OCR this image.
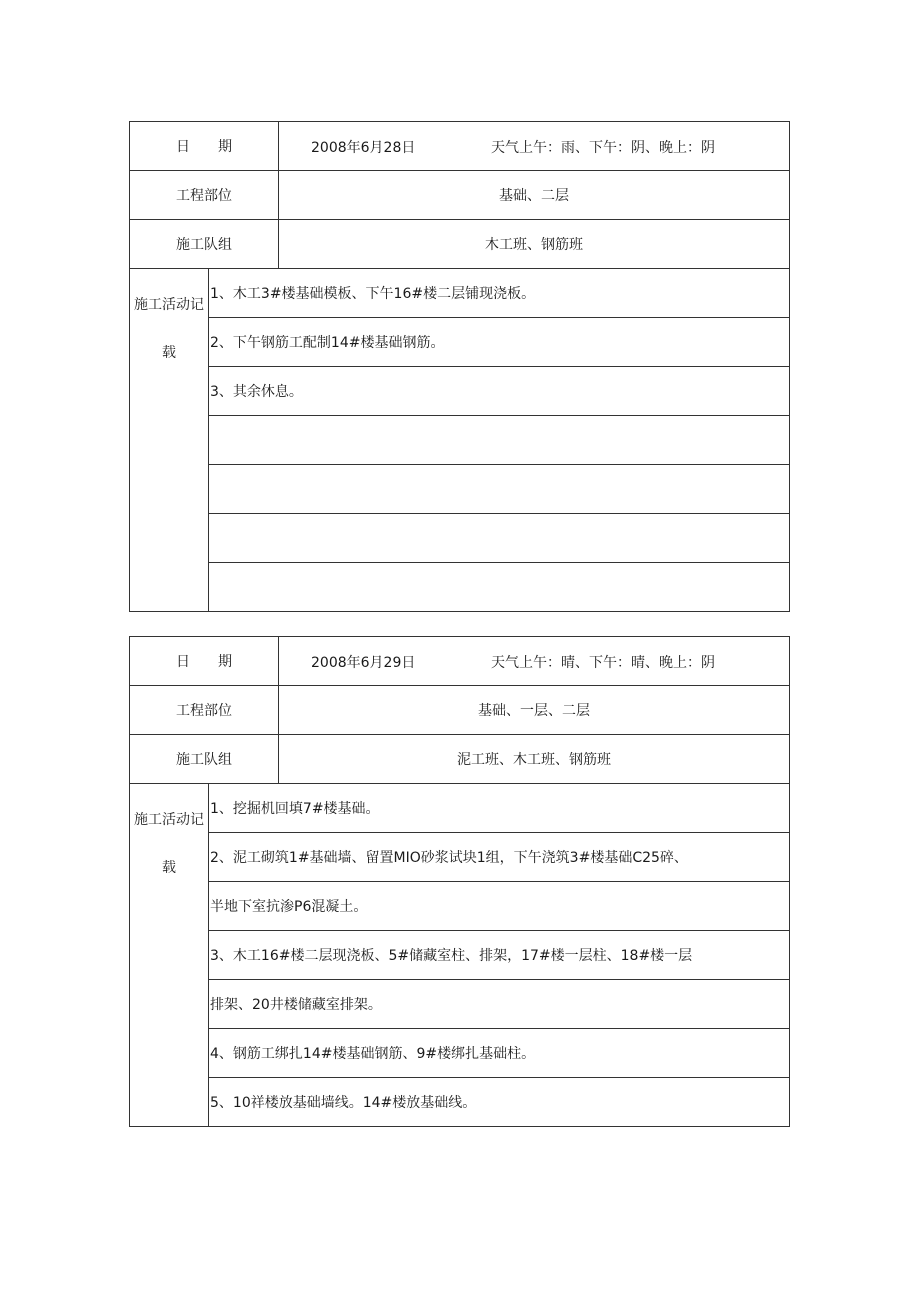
日 期		2008年6月28日 天气上午：雨、下午：阴、晚上：阴

工程部位		基础、二层
施工队组		木工班、钢筋班
施工活动记载	1、木工3#楼基础模板、下午16#楼二层铺现浇板。	
	2、下午钢筋工配制14#楼基础钢筋。	
	3、其余休息。	

日 期		2008年6月29日 天气上午：晴、下午：晴、晚上：阴

工程部位		基础、一层、二层
施工队组		泥工班、木工班、钢筋班
施工活动记载	1、挖掘机回填7#楼基础。	
	2、泥工砌筑1#基础墙、留置MIO砂浆试块1组，下午浇筑3#楼基础C25碎、	
	半地下室抗渗P6混凝土。	
	3、木工16#楼二层现浇板、5#储藏室柱、排架，17#楼一层柱、18#楼一层	
	排架、20井楼储藏室排架。	
	4、钢筋工绑扎14#楼基础钢筋、9#楼绑扎基础柱。	
	5、10祥楼放基础墙线。14#楼放基础线。	
